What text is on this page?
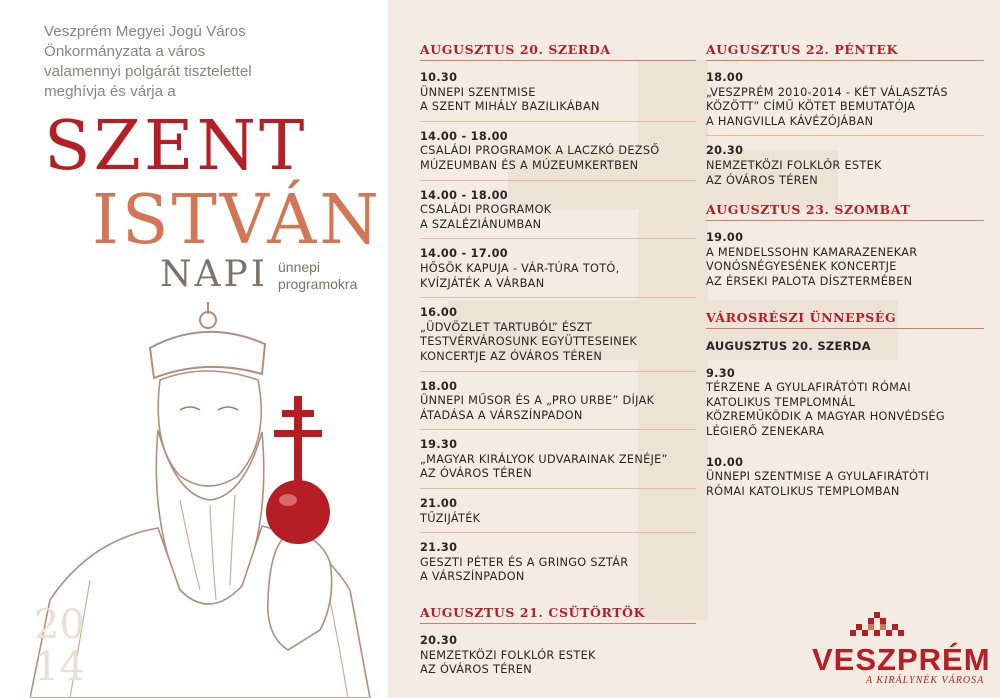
Veszprém Megyei Jogú Város
Önkormányzata a város
valamennyi polgárát tisztelettel
meghívja és várja a
SZENT
ISTVÁN
NAPI ünnepi
programokra
20
14
AUGUSZTUS 20. SZERDA
10.30
ÜNNEPI SZENTMISE
A SZENT MIHÁLY BAZILIKÁBAN
14.00 - 18.00
CSALÁDI PROGRAMOK A LACZKÓ DEZSŐ
MÚZEUMBAN ÉS A MÚZEUMKERTBEN
14.00 - 18.00
CSALÁDI PROGRAMOK
A SZALÉZIÁNUMBAN
14.00 - 17.00
HŐSÖK KAPUJA - VÁR-TÚRA TOTÓ,
KVÍZJÁTÉK A VÁRBAN
16.00
„ÜDVÖZLET TARTUBÓL” ÉSZT
TESTVÉRVÁROSUNK EGYÜTTESEINEK
KONCERTJE AZ ÓVÁROS TÉREN
18.00
ÜNNEPI MŰSOR ÉS A „PRO URBE” DÍJAK
ÁTADÁSA A VÁRSZÍNPADON
19.30
„MAGYAR KIRÁLYOK UDVARAINAK ZENÉJE”
AZ ÓVÁROS TÉREN
21.00
TŰZIJÁTÉK
21.30
GESZTI PÉTER ÉS A GRINGO SZTÁR
A VÁRSZÍNPADON
AUGUSZTUS 21. CSÜTÖRTÖK
20.30
NEMZETKÖZI FOLKLÓR ESTEK
AZ ÓVÁROS TÉREN
AUGUSZTUS 22. PÉNTEK
18.00
„VESZPRÉM 2010-2014 - KÉT VÁLASZTÁS
KÖZÖTT” CÍMŰ KÖTET BEMUTATÓJA
A HANGVILLA KÁVÉZÓJÁBAN
20.30
NEMZETKÖZI FOLKLÓR ESTEK
AZ ÓVÁROS TÉREN
AUGUSZTUS 23. SZOMBAT
19.00
A MENDELSSOHN KAMARAZENEKAR
VONÓSNÉGYESÉNEK KONCERTJE
AZ ÉRSEKI PALOTA DÍSZTERMÉBEN
VÁROSRÉSZI ÜNNEPSÉG
AUGUSZTUS 20. SZERDA
9.30
TÉRZENE A GYULAFIRÁTÓTI RÓMAI
KATOLIKUS TEMPLOMNÁL
KÖZREMŰKÖDIK A MAGYAR HONVÉDSÉG
LÉGIERŐ ZENEKARA
10.00
ÜNNEPI SZENTMISE A GYULAFIRÁTÓTI
RÓMAI KATOLIKUS TEMPLOMBAN
VESZPRÉM
A KIRÁLYNÉK VÁROSA
